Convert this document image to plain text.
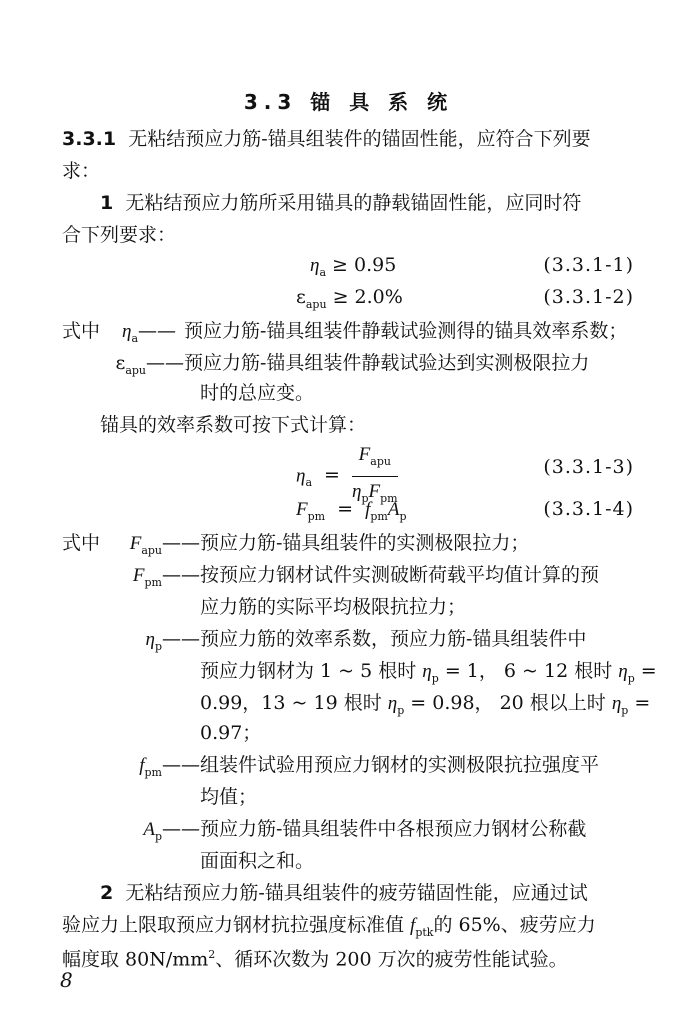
3.3 锚 具 系 统
3.3.1 无粘结预应力筋-锚具组装件的锚固性能，应符合下列要
求：
1 无粘结预应力筋所采用锚具的静载锚固性能，应同时符
合下列要求：
$\eta_a \ge 0.95$	(3.3.1-1)
$\varepsilon_{apu} \ge 2.0\%$	(3.3.1-2)
式中 $\eta_a——$ 预应力筋-锚具组装件静载试验测得的锚具效率系数；
$\varepsilon_{apu}——$ 预应力筋-锚具组装件静载试验达到实测极限拉力
时的总应变。
锚具的效率系数可按下式计算：
$\eta_a = \frac{F_{apu}}{\eta_pF_{pm}}$	(3.3.1-3)
$F_{pm} = f_{pm}A_p$	(3.3.1-4)
式中	$F_{apu}——$ 预应力筋-锚具组装件的实测极限拉力；
$F_{pm}——$ 按预应力钢材试件实测破断荷载平均值计算的预
应力筋的实际平均极限抗拉力；
$\eta_p——$ 预应力筋的效率系数，预应力筋-锚具组装件中
预应力钢材为 1 ~ 5 根时 $\eta_p = 1$， 6 ~ 12 根时 $\eta_p$ =
0.99，13 ~ 19 根时 $\eta_p = 0.98$， 20 根以上时 $\eta_p$ =
0.97；
$f_{pm}——$ 组装件试验用预应力钢材的实测极限抗拉强度平
均值；
$A_p——$ 预应力筋-锚具组装件中各根预应力钢材公称截
面面积之和。
2 无粘结预应力筋-锚具组装件的疲劳锚固性能，应通过试
验应力上限取预应力钢材抗拉强度标准值 $f_{ptk}$的 65%、疲劳应力
幅度取 $80N/mm^2$、循环次数为 200 万次的疲劳性能试验。
8
